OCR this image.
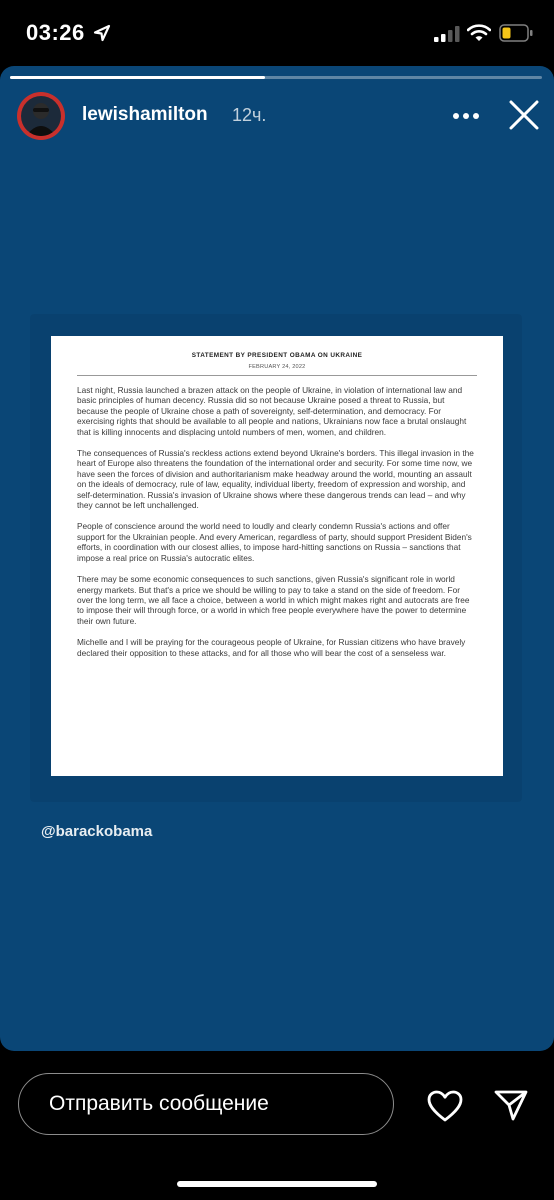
03:26
lewishamilton 12ч.
STATEMENT BY PRESIDENT OBAMA ON UKRAINE
FEBRUARY 24, 2022

Last night, Russia launched a brazen attack on the people of Ukraine, in violation of international law and basic principles of human decency. Russia did so not because Ukraine posed a threat to Russia, but because the people of Ukraine chose a path of sovereignty, self-determination, and democracy. For exercising rights that should be available to all people and nations, Ukrainians now face a brutal onslaught that is killing innocents and displacing untold numbers of men, women, and children.

The consequences of Russia's reckless actions extend beyond Ukraine's borders. This illegal invasion in the heart of Europe also threatens the foundation of the international order and security. For some time now, we have seen the forces of division and authoritarianism make headway around the world, mounting an assault on the ideals of democracy, rule of law, equality, individual liberty, freedom of expression and worship, and self-determination. Russia's invasion of Ukraine shows where these dangerous trends can lead – and why they cannot be left unchallenged.

People of conscience around the world need to loudly and clearly condemn Russia's actions and offer support for the Ukrainian people. And every American, regardless of party, should support President Biden's efforts, in coordination with our closest allies, to impose hard-hitting sanctions on Russia – sanctions that impose a real price on Russia's autocratic elites.

There may be some economic consequences to such sanctions, given Russia's significant role in world energy markets. But that's a price we should be willing to pay to take a stand on the side of freedom. For over the long term, we all face a choice, between a world in which might makes right and autocrats are free to impose their will through force, or a world in which free people everywhere have the power to determine their own future.

Michelle and I will be praying for the courageous people of Ukraine, for Russian citizens who have bravely declared their opposition to these attacks, and for all those who will bear the cost of a senseless war.

@barackobama
Отправить сообщение
